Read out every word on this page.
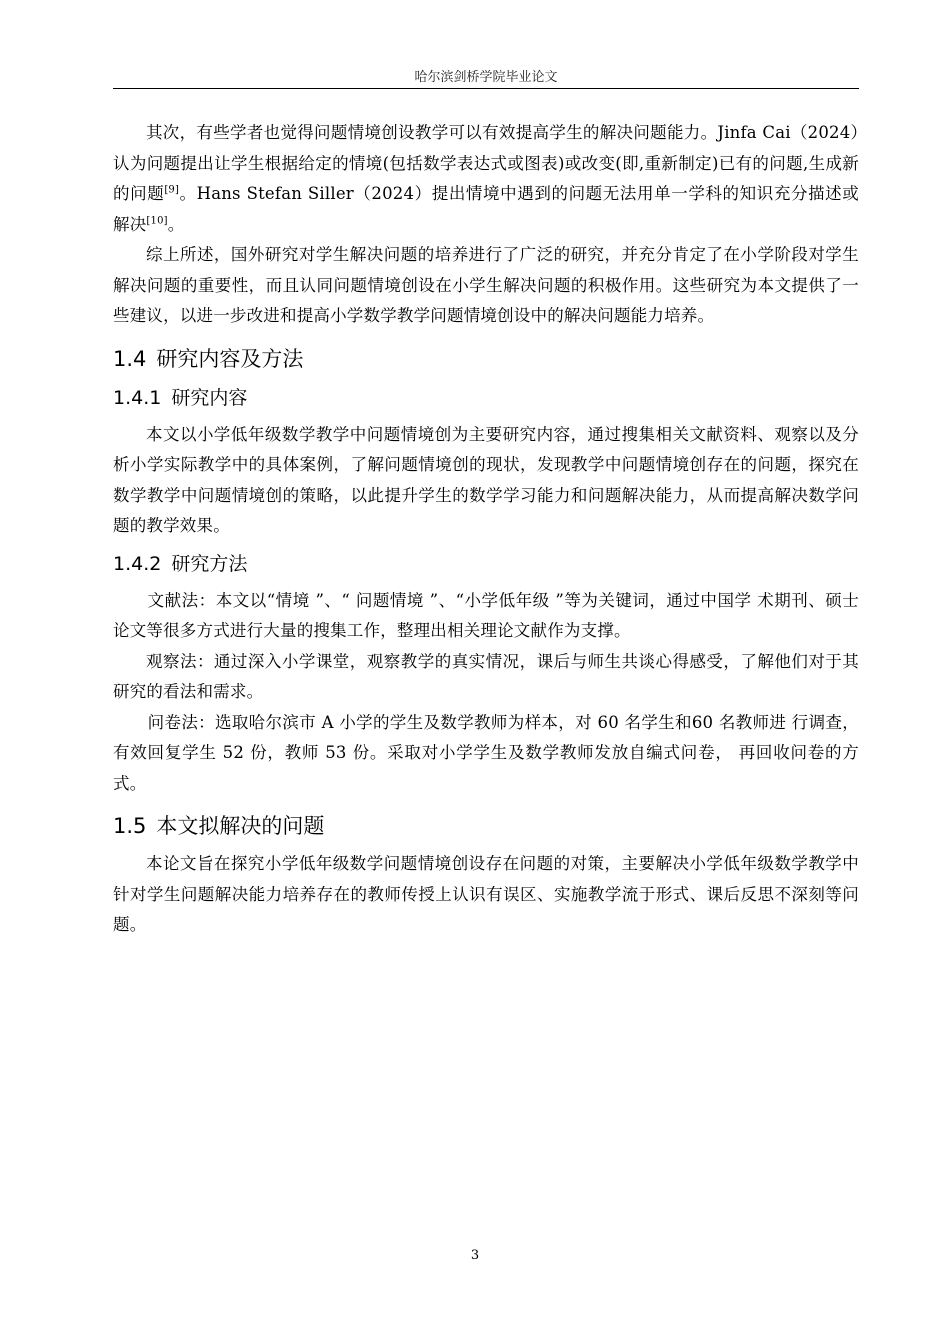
哈尔滨剑桥学院毕业论文

其次，有些学者也觉得问题情境创设教学可以有效提高学生的解决问题能力。Jinfa Cai（2024）认为问题提出让学生根据给定的情境(包括数学表达式或图表)或改变(即,重新制定)已有的问题,生成新的问题[9]。Hans Stefan Siller（2024）提出情境中遇到的问题无法用单一学科的知识充分描述或解决[10]。

综上所述，国外研究对学生解决问题的培养进行了广泛的研究，并充分肯定了在小学阶段对学生解决问题的重要性，而且认同问题情境创设在小学生解决问题的积极作用。这些研究为本文提供了一些建议，以进一步改进和提高小学数学教学问题情境创设中的解决问题能力培养。

1.4 研究内容及方法
1.4.1 研究内容

本文以小学低年级数学教学中问题情境创为主要研究内容，通过搜集相关文献资料、观察以及分析小学实际教学中的具体案例，了解问题情境创的现状，发现教学中问题情境创存在的问题，探究在数学教学中问题情境创的策略，以此提升学生的数学学习能力和问题解决能力，从而提高解决数学问题的教学效果。

1.4.2 研究方法

文献法：本文以“情境 ”、“ 问题情境 ”、“小学低年级 ”等为关键词，通过中国学 术期刊、硕士论文等很多方式进行大量的搜集工作，整理出相关理论文献作为支撑。

观察法：通过深入小学课堂，观察教学的真实情况，课后与师生共谈心得感受，了解他们对于其研究的看法和需求。

问卷法：选取哈尔滨市 A 小学的学生及数学教师为样本，对 60 名学生和60 名教师进 行调查，有效回复学生 52 份，教师 53 份。采取对小学学生及数学教师发放自编式问卷， 再回收问卷的方式。

1.5 本文拟解决的问题

本论文旨在探究小学低年级数学问题情境创设存在问题的对策，主要解决小学低年级数学教学中针对学生问题解决能力培养存在的教师传授上认识有误区、实施教学流于形式、课后反思不深刻等问题。

3
